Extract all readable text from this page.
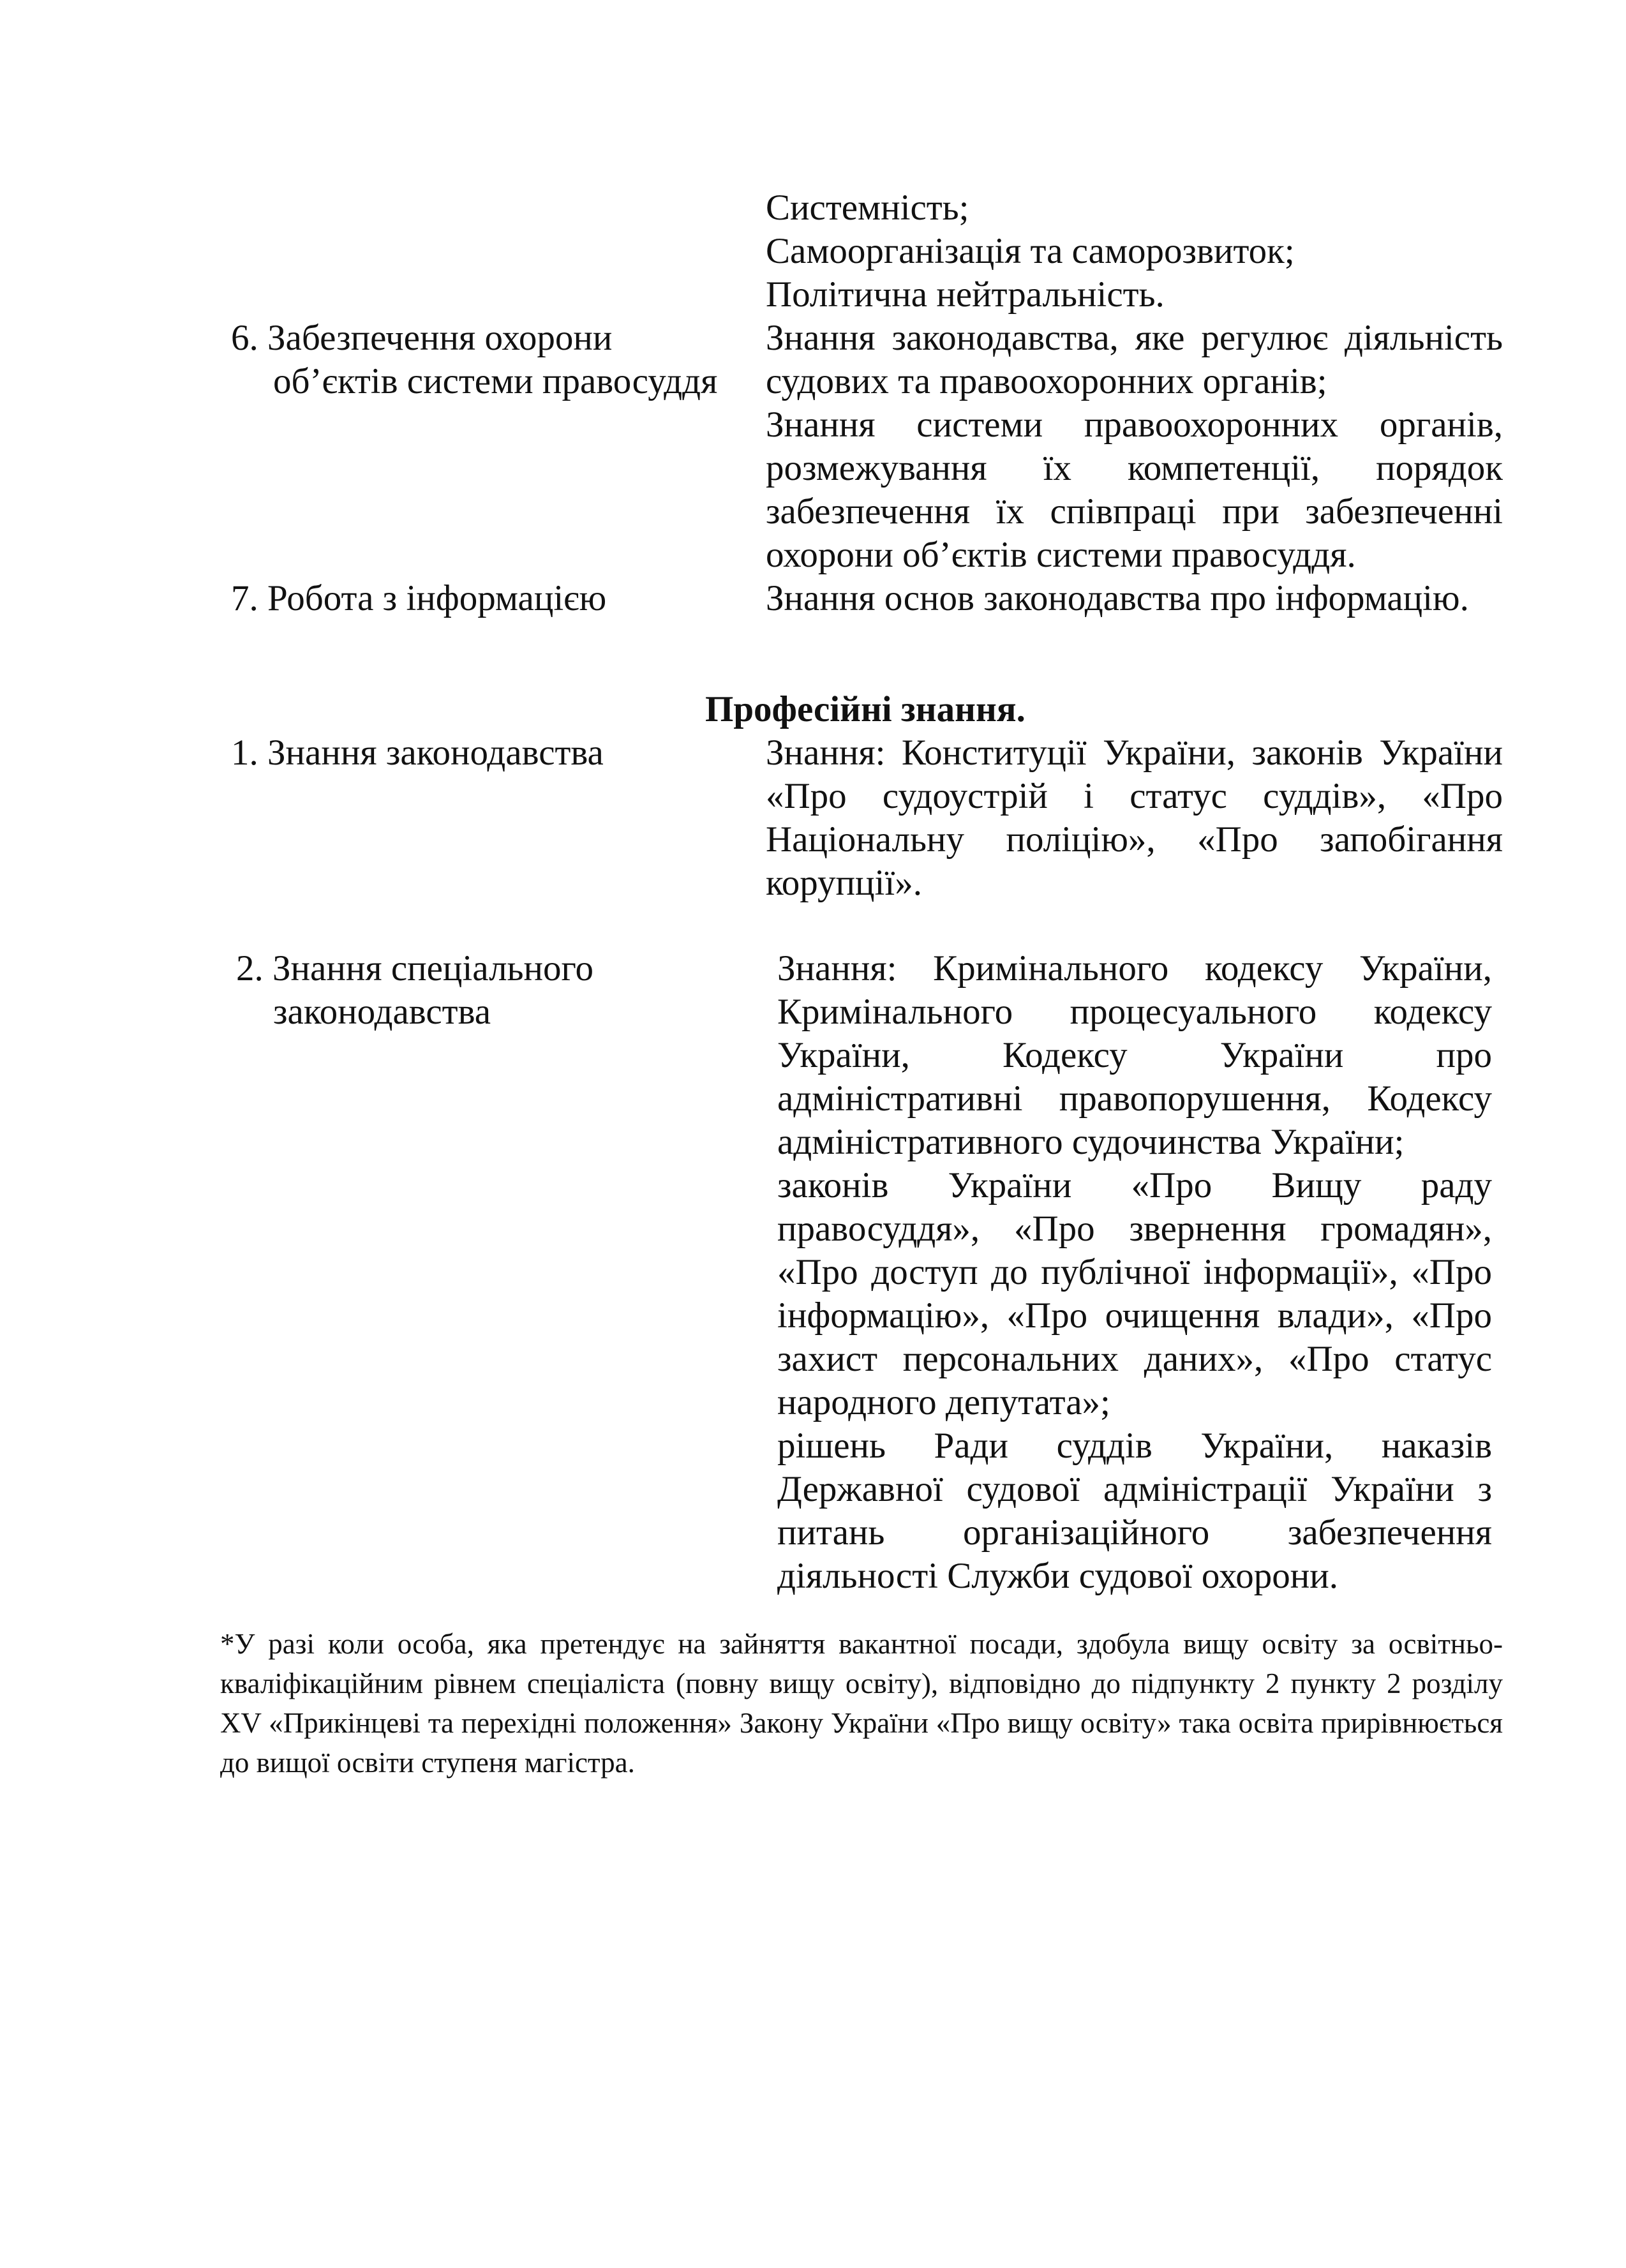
Системність;
Самоорганізація та саморозвиток;
Політична нейтральність.
6. Забезпечення охорони
об’єктів системи правосуддя
Знання законодавства, яке регулює діяльність судових та правоохоронних органів;
Знання системи правоохоронних органів, розмежування їх компетенції, порядок забезпечення їх співпраці при забезпеченні охорони об’єктів системи правосуддя.
7. Робота з інформацією	Знання основ законодавства про інформацію.
Професійні знання.
1. Знання законодавства	Знання: Конституції України, законів України «Про судоустрій і статус суддів», «Про Національну поліцію», «Про запобігання корупції».
2. Знання спеціального
законодавства
Знання: Кримінального кодексу України, Кримінального процесуального кодексу України, Кодексу України про адміністративні правопорушення, Кодексу адміністративного судочинства України;
законів України «Про Вищу раду правосуддя», «Про звернення громадян», «Про доступ до публічної інформації», «Про інформацію», «Про очищення влади», «Про захист персональних даних», «Про статус народного депутата»;
рішень Ради суддів України, наказів Державної судової адміністрації України з питань організаційного забезпечення діяльності Служби судової охорони.
*У разі коли особа, яка претендує на зайняття вакантної посади, здобула вищу освіту за освітньо-кваліфікаційним рівнем спеціаліста (повну вищу освіту), відповідно до підпункту 2 пункту 2 розділу XV «Прикінцеві та перехідні положення» Закону України «Про вищу освіту» така освіта прирівнюється до вищої освіти ступеня магістра.
